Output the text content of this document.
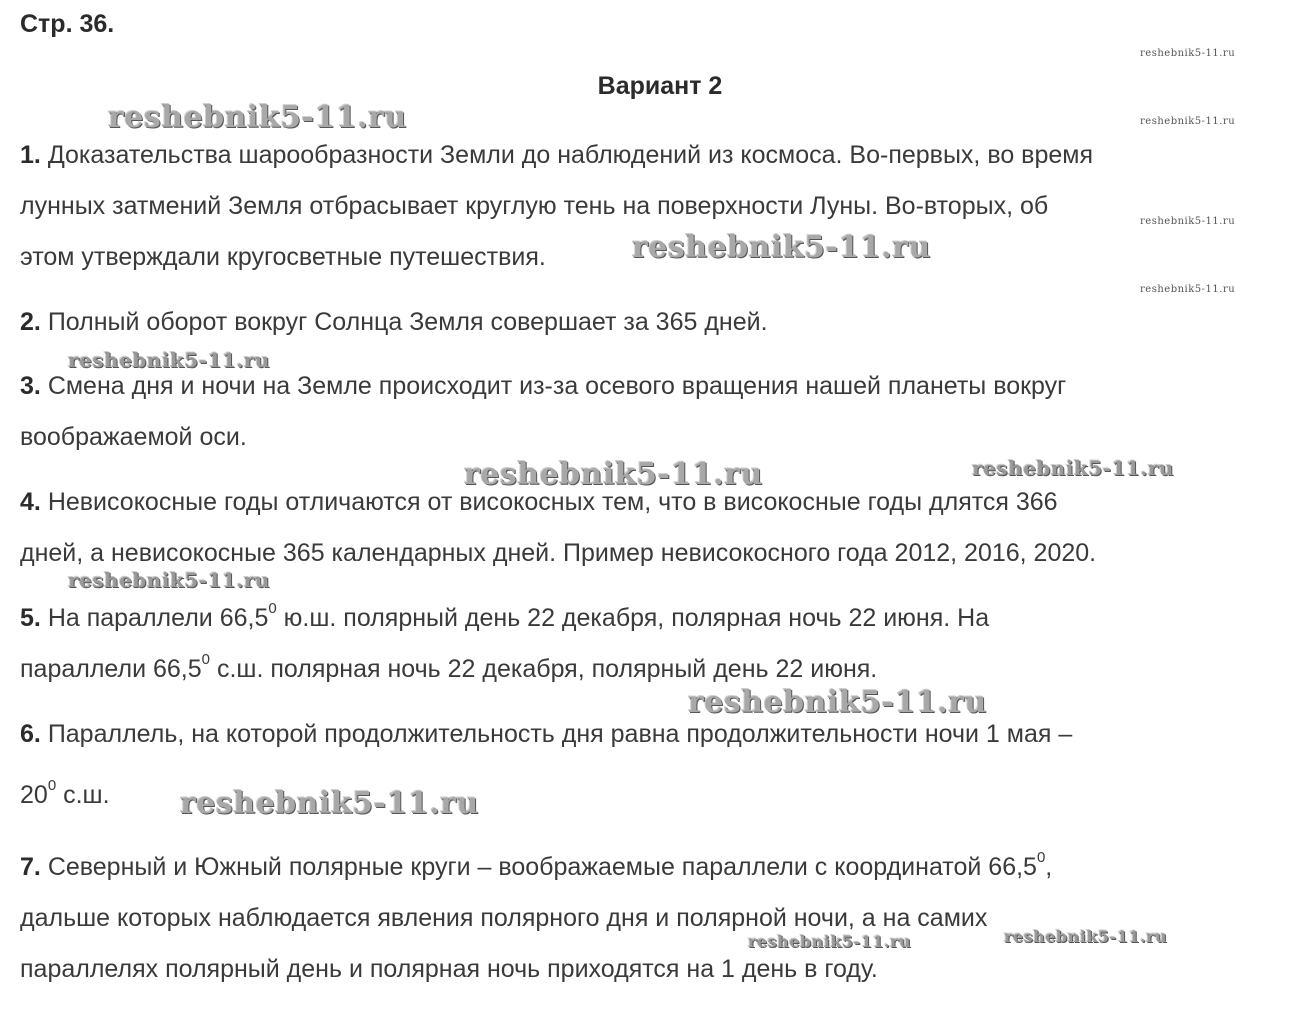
Стр. 36.
Вариант 2
1. Доказательства шарообразности Земли до наблюдений из космоса. Во-первых, во время
лунных затмений Земля отбрасывает круглую тень на поверхности Луны. Во-вторых, об
этом утверждали кругосветные путешествия.
2. Полный оборот вокруг Солнца Земля совершает за 365 дней.
3. Смена дня и ночи на Земле происходит из-за осевого вращения нашей планеты вокруг
воображаемой оси.
4. Невисокосные годы отличаются от високосных тем, что в високосные годы длятся 366
дней, а невисокосные 365 календарных дней. Пример невисокосного года 2012, 2016, 2020.
5. На параллели 66,5$^0$ ю.ш. полярный день 22 декабря, полярная ночь 22 июня. На
параллели 66,5$^0$ с.ш. полярная ночь 22 декабря, полярный день 22 июня.
6. Параллель, на которой продолжительность дня равна продолжительности ночи 1 мая –
$20^0$ с.ш.
7. Северный и Южный полярные круги – воображаемые параллели с координатой 66,5$^0$,
дальше которых наблюдается явления полярного дня и полярной ночи, а на самих
параллелях полярный день и полярная ночь приходятся на 1 день в году.
reshebnik5-11.ru
reshebnik5-11.ru	reshebnik5-11.ru
reshebnik5-11.ru
reshebnik5-11.ru
reshebnik5-11.ru
reshebnik5-11.ru
reshebnik5-11.ru	reshebnik5-11.ru
reshebnik5-11.ru
reshebnik5-11.ru
reshebnik5-11.ru
reshebnik5-11.ru	reshebnik5-11.ru
